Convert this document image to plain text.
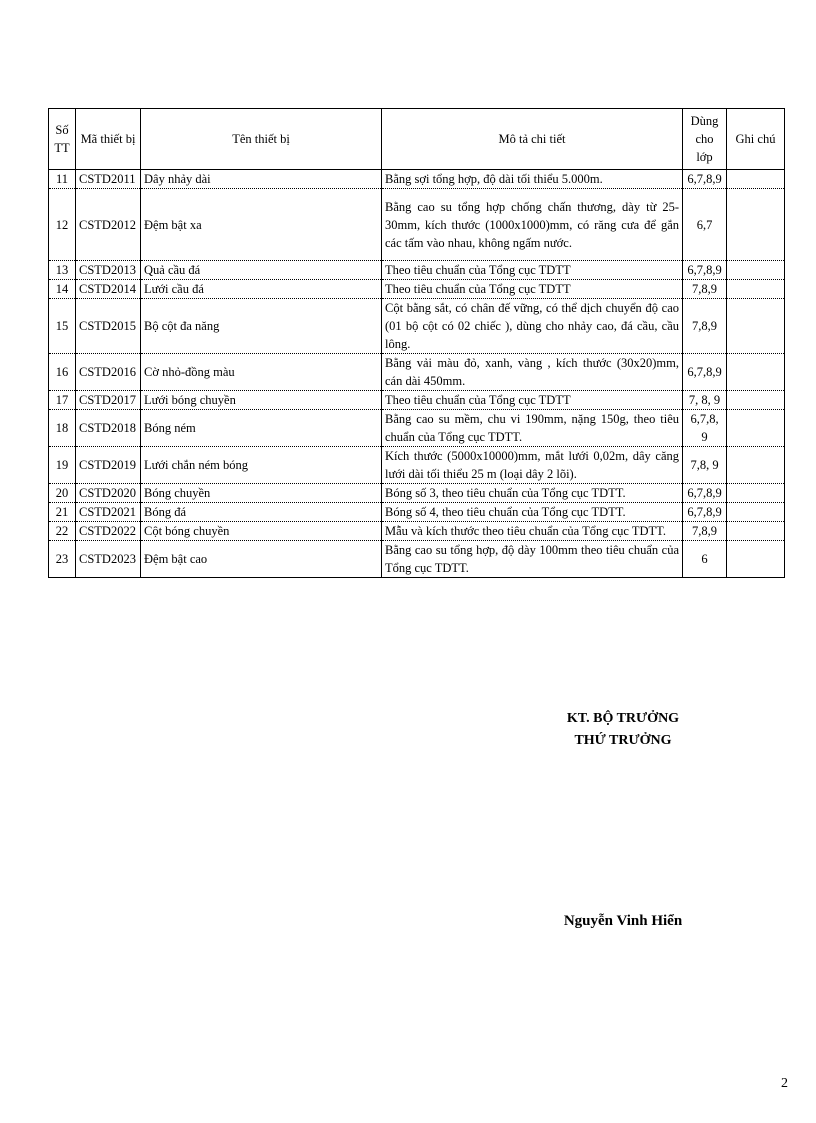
Số TT	Mã thiết bị	Tên thiết bị	Mô tả chi tiết	Dùng cho lớp	Ghi chú
11	CSTD2011	Dây nhảy dài	Bằng sợi tổng hợp, độ dài tối thiểu 5.000m.	6,7,8,9	
12	CSTD2012	Đệm bật xa	Bằng cao su tổng hợp chống chấn thương, dày từ 25- 30mm, kích thước (1000x1000)mm, có răng cưa để gắn các tấm vào nhau, không ngấm nước.	6,7	
13	CSTD2013	Quả cầu đá	Theo tiêu chuẩn của Tổng cục TDTT	6,7,8,9	
14	CSTD2014	Lưới cầu đá	Theo tiêu chuẩn của Tổng cục TDTT	7,8,9	
15	CSTD2015	Bộ cột đa năng	Cột bằng sắt, có chân đế vững, có thể dịch chuyển độ cao (01 bộ cột có 02 chiếc ), dùng cho nhảy cao, đá cầu, cầu lông.	7,8,9	
16	CSTD2016	Cờ nhỏ-đồng màu	Bằng vải màu đỏ, xanh, vàng , kích thước (30x20)mm, cán dài 450mm.	6,7,8,9	
17	CSTD2017	Lưới bóng chuyền	Theo tiêu chuẩn của Tổng cục TDTT	7, 8, 9	
18	CSTD2018	Bóng ném	Bằng cao su mềm, chu vi 190mm, nặng 150g, theo tiêu chuẩn của Tổng cục TDTT.	6,7,8, 9	
19	CSTD2019	Lưới chắn ném bóng	Kích thước (5000x10000)mm, mắt lưới 0,02m, dây căng lưới dài tối thiểu 25 m (loại dây 2 lõi).	7,8, 9	
20	CSTD2020	Bóng chuyền	Bóng số 3, theo tiêu chuẩn của Tổng cục TDTT.	6,7,8,9	
21	CSTD2021	Bóng đá	Bóng số 4, theo tiêu chuẩn của Tổng cục TDTT.	6,7,8,9	
22	CSTD2022	Cột bóng chuyền	Mẫu và kích thước theo tiêu chuẩn của Tổng cục TDTT.	7,8,9	
23	CSTD2023	Đệm bật cao	Bằng cao su tổng hợp, độ dày 100mm theo tiêu chuẩn của Tổng cục TDTT.	6	
KT. BỘ TRƯỞNG
THỨ TRƯỞNG
Nguyễn Vinh Hiển
2
